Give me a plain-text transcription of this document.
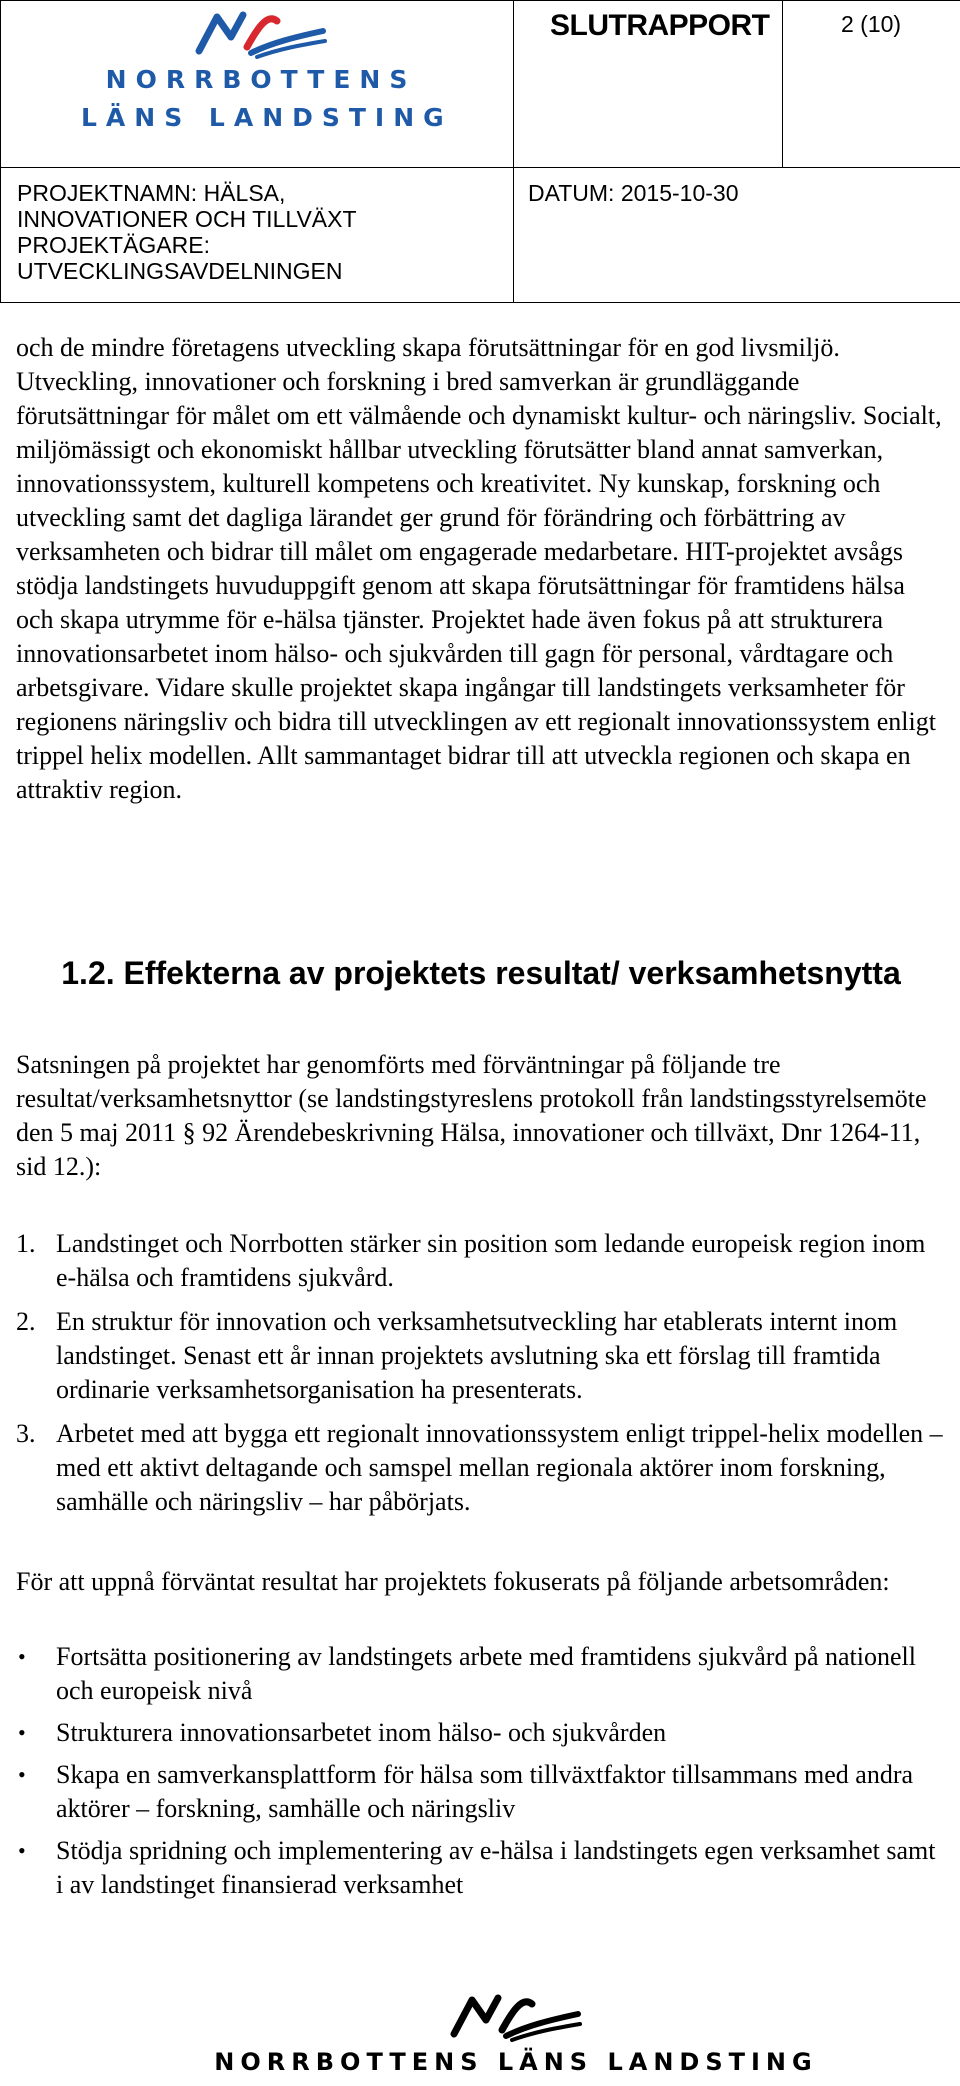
NORRBOTTENS
LÄNS LANDSTING	SLUTRAPPORT	2 (10)

PROJEKTNAMN: HÄLSA, INNOVATIONER OCH TILLVÄXT
PROJEKTÄGARE: UTVECKLINGSAVDELNINGEN	DATUM: 2015-10-30	

och de mindre företagens utveckling skapa förutsättningar för en god livsmiljö. Utveckling, innovationer och forskning i bred samverkan är grundläggande förutsättningar för målet om ett välmående och dynamiskt kultur- och näringsliv. Socialt, miljömässigt och ekonomiskt hållbar utveckling förutsätter bland annat samverkan, innovationssystem, kulturell kompetens och kreativitet. Ny kunskap, forskning och utveckling samt det dagliga lärandet ger grund för förändring och förbättring av verksamheten och bidrar till målet om engagerade medarbetare. HIT-projektet avsågs stödja landstingets huvuduppgift genom att skapa förutsättningar för framtidens hälsa och skapa utrymme för e-hälsa tjänster. Projektet hade även fokus på att strukturera innovationsarbetet inom hälso- och sjukvården till gagn för personal, vårdtagare och arbetsgivare. Vidare skulle projektet skapa ingångar till landstingets verksamheter för regionens näringsliv och bidra till utvecklingen av ett regionalt innovationssystem enligt trippel helix modellen. Allt sammantaget bidrar till att utveckla regionen och skapa en attraktiv region.

1.2. Effekterna av projektets resultat/ verksamhetsnytta

Satsningen på projektet har genomförts med förväntningar på följande tre resultat/verksamhetsnyttor (se landstingstyreslens protokoll från landstingsstyrelsemöte den 5 maj 2011 § 92 Ärendebeskrivning Hälsa, innovationer och tillväxt, Dnr 1264-11, sid 12.):

1. Landstinget och Norrbotten stärker sin position som ledande europeisk region inom e-hälsa och framtidens sjukvård.
2. En struktur för innovation och verksamhetsutveckling har etablerats internt inom landstinget. Senast ett år innan projektets avslutning ska ett förslag till framtida ordinarie verksamhetsorganisation ha presenterats.
3. Arbetet med att bygga ett regionalt innovationssystem enligt trippel-helix modellen – med ett aktivt deltagande och samspel mellan regionala aktörer inom forskning, samhälle och näringsliv – har påbörjats.

För att uppnå förväntat resultat har projektets fokuserats på följande arbetsområden:

• Fortsätta positionering av landstingets arbete med framtidens sjukvård på nationell och europeisk nivå
• Strukturera innovationsarbetet inom hälso- och sjukvården
• Skapa en samverkansplattform för hälsa som tillväxtfaktor tillsammans med andra aktörer – forskning, samhälle och näringsliv
• Stödja spridning och implementering av e-hälsa i landstingets egen verksamhet samt i av landstinget finansierad verksamhet
NORRBOTTENS LÄNS LANDSTING
